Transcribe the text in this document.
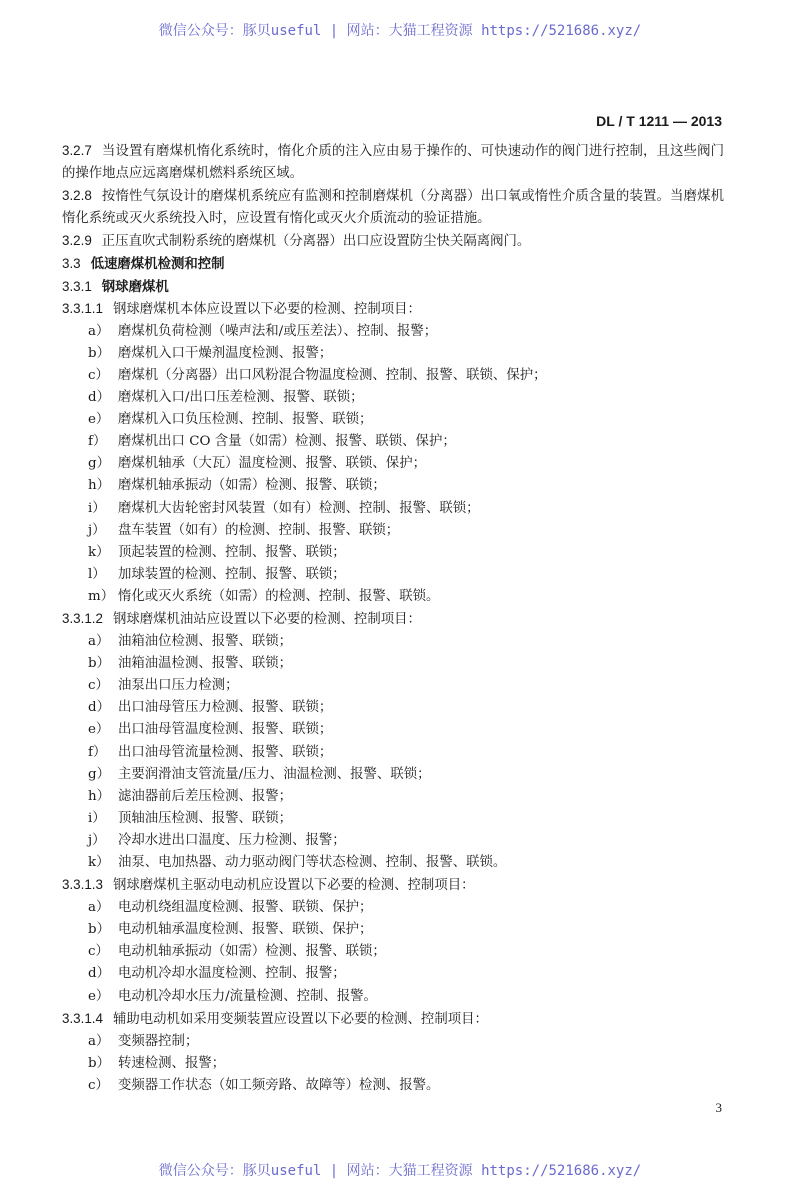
微信公众号：豚贝useful | 网站：大猫工程资源 https://521686.xyz/
DL / T 1211 — 2013
3.2.7 当设置有磨煤机惰化系统时，惰化介质的注入应由易于操作的、可快速动作的阀门进行控制，且这些阀门的操作地点应远离磨煤机燃料系统区域。
3.2.8 按惰性气氛设计的磨煤机系统应有监测和控制磨煤机（分离器）出口氧或惰性介质含量的装置。当磨煤机惰化系统或灭火系统投入时，应设置有惰化或灭火介质流动的验证措施。
3.2.9 正压直吹式制粉系统的磨煤机（分离器）出口应设置防尘快关隔离阀门。
3.3 低速磨煤机检测和控制
3.3.1 钢球磨煤机
3.3.1.1 钢球磨煤机本体应设置以下必要的检测、控制项目：
a） 磨煤机负荷检测（噪声法和/或压差法）、控制、报警；
b） 磨煤机入口干燥剂温度检测、报警；
c） 磨煤机（分离器）出口风粉混合物温度检测、控制、报警、联锁、保护；
d） 磨煤机入口/出口压差检测、报警、联锁；
e） 磨煤机入口负压检测、控制、报警、联锁；
f） 磨煤机出口 CO 含量（如需）检测、报警、联锁、保护；
g） 磨煤机轴承（大瓦）温度检测、报警、联锁、保护；
h） 磨煤机轴承振动（如需）检测、报警、联锁；
i） 磨煤机大齿轮密封风装置（如有）检测、控制、报警、联锁；
j） 盘车装置（如有）的检测、控制、报警、联锁；
k） 顶起装置的检测、控制、报警、联锁；
l） 加球装置的检测、控制、报警、联锁；
m） 惰化或灭火系统（如需）的检测、控制、报警、联锁。
3.3.1.2 钢球磨煤机油站应设置以下必要的检测、控制项目：
a） 油箱油位检测、报警、联锁；
b） 油箱油温检测、报警、联锁；
c） 油泵出口压力检测；
d） 出口油母管压力检测、报警、联锁；
e） 出口油母管温度检测、报警、联锁；
f） 出口油母管流量检测、报警、联锁；
g） 主要润滑油支管流量/压力、油温检测、报警、联锁；
h） 滤油器前后差压检测、报警；
i） 顶轴油压检测、报警、联锁；
j） 冷却水进出口温度、压力检测、报警；
k） 油泵、电加热器、动力驱动阀门等状态检测、控制、报警、联锁。
3.3.1.3 钢球磨煤机主驱动电动机应设置以下必要的检测、控制项目：
a） 电动机绕组温度检测、报警、联锁、保护；
b） 电动机轴承温度检测、报警、联锁、保护；
c） 电动机轴承振动（如需）检测、报警、联锁；
d） 电动机冷却水温度检测、控制、报警；
e） 电动机冷却水压力/流量检测、控制、报警。
3.3.1.4 辅助电动机如采用变频装置应设置以下必要的检测、控制项目：
a） 变频器控制；
b） 转速检测、报警；
c） 变频器工作状态（如工频旁路、故障等）检测、报警。
3
微信公众号：豚贝useful | 网站：大猫工程资源 https://521686.xyz/
